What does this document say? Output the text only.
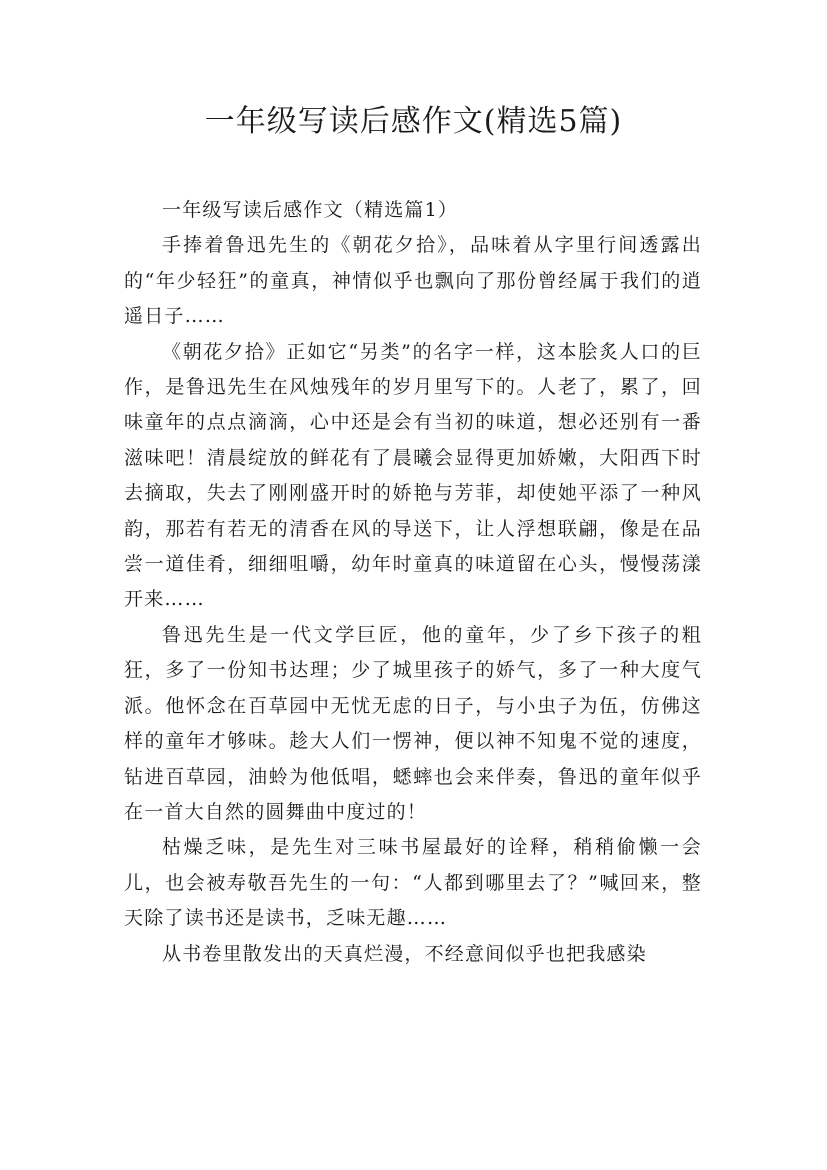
一年级写读后感作文(精选5篇)

一年级写读后感作文（精选篇1）

手捧着鲁迅先生的《朝花夕拾》，品味着从字里行间透露出的“年少轻狂”的童真，神情似乎也飘向了那份曾经属于我们的逍遥日子……

《朝花夕拾》正如它“另类”的名字一样，这本脍炙人口的巨作，是鲁迅先生在风烛残年的岁月里写下的。人老了，累了，回味童年的点点滴滴，心中还是会有当初的味道，想必还别有一番滋味吧！清晨绽放的鲜花有了晨曦会显得更加娇嫩，大阳西下时去摘取，失去了刚刚盛开时的娇艳与芳菲，却使她平添了一种风韵，那若有若无的清香在风的导送下，让人浮想联翩，像是在品尝一道佳肴，细细咀嚼，幼年时童真的味道留在心头，慢慢荡漾开来……

鲁迅先生是一代文学巨匠，他的童年，少了乡下孩子的粗狂，多了一份知书达理；少了城里孩子的娇气，多了一种大度气派。他怀念在百草园中无忧无虑的日子，与小虫子为伍，仿佛这样的童年才够味。趁大人们一愣神，便以神不知鬼不觉的速度，钻进百草园，油蛉为他低唱，蟋蟀也会来伴奏，鲁迅的童年似乎在一首大自然的圆舞曲中度过的！

枯燥乏味，是先生对三味书屋最好的诠释，稍稍偷懒一会儿，也会被寿敬吾先生的一句：“人都到哪里去了？”喊回来，整天除了读书还是读书，乏味无趣……

从书卷里散发出的天真烂漫，不经意间似乎也把我感染
